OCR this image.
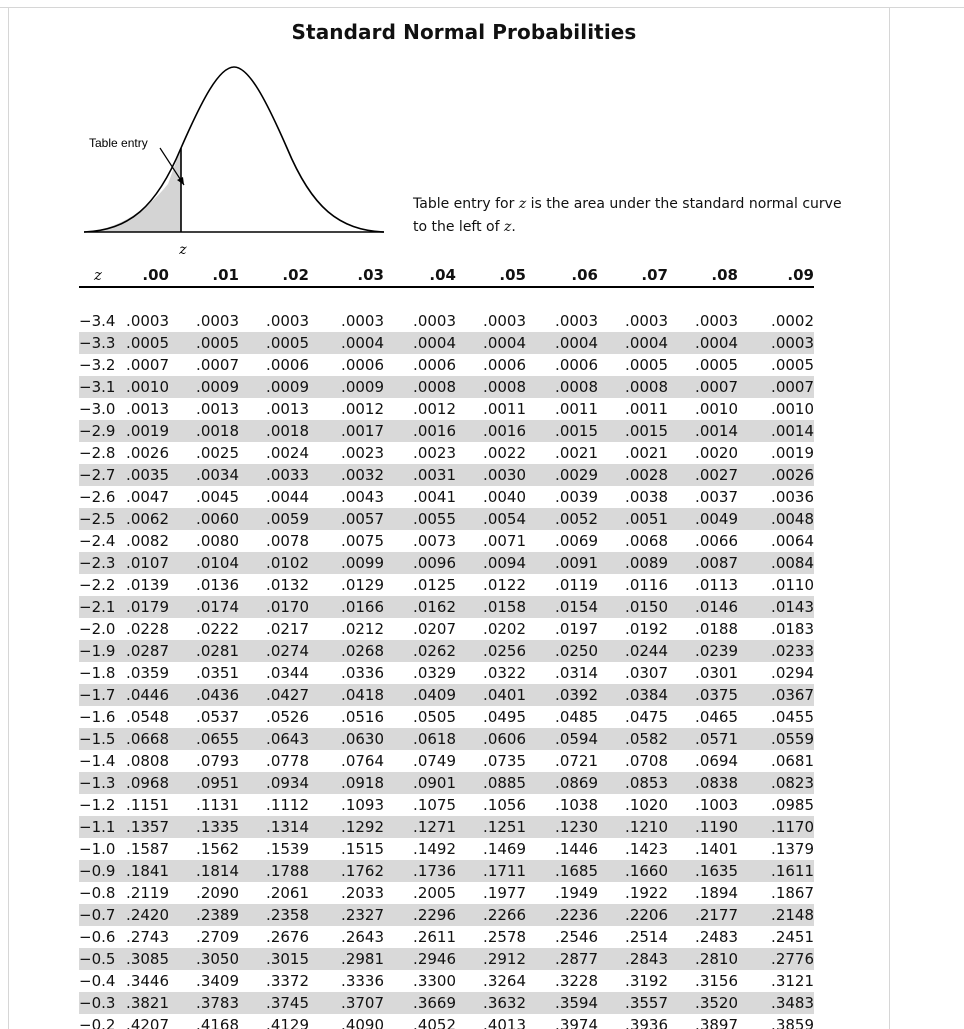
Standard Normal Probabilities
Table entry
z
Table entry for z is the area under the standard normal curve to the left of z.
z	.00	.01	.02	.03	.04	.05	.06	.07	.08	.09

−3.4	.0003	.0003	.0003	.0003	.0003	.0003	.0003	.0003	.0003	.0002
−3.3	.0005	.0005	.0005	.0004	.0004	.0004	.0004	.0004	.0004	.0003
−3.2	.0007	.0007	.0006	.0006	.0006	.0006	.0006	.0005	.0005	.0005
−3.1	.0010	.0009	.0009	.0009	.0008	.0008	.0008	.0008	.0007	.0007
−3.0	.0013	.0013	.0013	.0012	.0012	.0011	.0011	.0011	.0010	.0010
−2.9	.0019	.0018	.0018	.0017	.0016	.0016	.0015	.0015	.0014	.0014
−2.8	.0026	.0025	.0024	.0023	.0023	.0022	.0021	.0021	.0020	.0019
−2.7	.0035	.0034	.0033	.0032	.0031	.0030	.0029	.0028	.0027	.0026
−2.6	.0047	.0045	.0044	.0043	.0041	.0040	.0039	.0038	.0037	.0036
−2.5	.0062	.0060	.0059	.0057	.0055	.0054	.0052	.0051	.0049	.0048
−2.4	.0082	.0080	.0078	.0075	.0073	.0071	.0069	.0068	.0066	.0064
−2.3	.0107	.0104	.0102	.0099	.0096	.0094	.0091	.0089	.0087	.0084
−2.2	.0139	.0136	.0132	.0129	.0125	.0122	.0119	.0116	.0113	.0110
−2.1	.0179	.0174	.0170	.0166	.0162	.0158	.0154	.0150	.0146	.0143
−2.0	.0228	.0222	.0217	.0212	.0207	.0202	.0197	.0192	.0188	.0183
−1.9	.0287	.0281	.0274	.0268	.0262	.0256	.0250	.0244	.0239	.0233
−1.8	.0359	.0351	.0344	.0336	.0329	.0322	.0314	.0307	.0301	.0294
−1.7	.0446	.0436	.0427	.0418	.0409	.0401	.0392	.0384	.0375	.0367
−1.6	.0548	.0537	.0526	.0516	.0505	.0495	.0485	.0475	.0465	.0455
−1.5	.0668	.0655	.0643	.0630	.0618	.0606	.0594	.0582	.0571	.0559
−1.4	.0808	.0793	.0778	.0764	.0749	.0735	.0721	.0708	.0694	.0681
−1.3	.0968	.0951	.0934	.0918	.0901	.0885	.0869	.0853	.0838	.0823
−1.2	.1151	.1131	.1112	.1093	.1075	.1056	.1038	.1020	.1003	.0985
−1.1	.1357	.1335	.1314	.1292	.1271	.1251	.1230	.1210	.1190	.1170
−1.0	.1587	.1562	.1539	.1515	.1492	.1469	.1446	.1423	.1401	.1379
−0.9	.1841	.1814	.1788	.1762	.1736	.1711	.1685	.1660	.1635	.1611
−0.8	.2119	.2090	.2061	.2033	.2005	.1977	.1949	.1922	.1894	.1867
−0.7	.2420	.2389	.2358	.2327	.2296	.2266	.2236	.2206	.2177	.2148
−0.6	.2743	.2709	.2676	.2643	.2611	.2578	.2546	.2514	.2483	.2451
−0.5	.3085	.3050	.3015	.2981	.2946	.2912	.2877	.2843	.2810	.2776
−0.4	.3446	.3409	.3372	.3336	.3300	.3264	.3228	.3192	.3156	.3121
−0.3	.3821	.3783	.3745	.3707	.3669	.3632	.3594	.3557	.3520	.3483
−0.2	.4207	.4168	.4129	.4090	.4052	.4013	.3974	.3936	.3897	.3859
